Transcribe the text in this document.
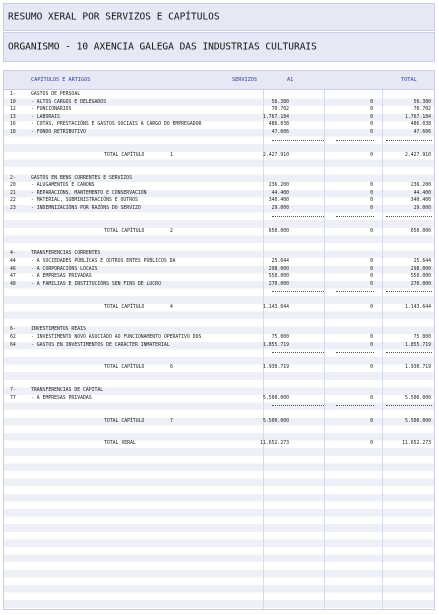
RESUMO XERAL POR SERVIZOS E CAPÍTULOS
ORGANISMO - 10 AXENCIA GALEGA DAS INDUSTRIAS CULTURAIS
CAPÍTULOS E ARTIGOS	SERVIZOS	A1	TOTAL
1-	GASTOS DE PERSOAL
10	- ALTOS CARGOS E DELEGADOS	56.380	0	56.380
12	- FUNCIONARIOS	70.702	0	70.702
13	- LABORAIS	1.767.184	0	1.767.184
16	- COTAS, PRESTACIÓNS E GASTOS SOCIAIS A CARGO DO EMPREGADOR	486.038	0	486.038
18	- FONDO RETRIBUTIVO	47.606	0	47.606
TOTAL CAPÍTULO	1	2.427.910	0	2.427.910
2-	GASTOS EN BENS CORRENTES E SERVIZOS
20	- ALUGAMENTOS E CANONS	236.200	0	236.200
21	- REPARACIÓNS, MANTEMENTO E CONSERVACIÓN	44.400	0	44.400
22	- MATERIAL, SUBMINISTRACIÓNS E OUTROS	340.400	0	340.400
23	- INDEMNIZACIÓNS POR RAZÓNS DO SERVIZO	29.000	0	29.000
TOTAL CAPÍTULO	2	650.000	0	650.000
4-	TRANSFERENCIAS CORRENTES
44	- A SOCIEDADES PÚBLICAS E OUTROS ENTES PÚBLICOS DA	25.644	0	25.644
46	- A CORPORACIÓNS LOCAIS	298.000	0	298.000
47	- A EMPRESAS PRIVADAS	550.000	0	550.000
48	- A FAMILIAS E INSTITUCIÓNS SEN FINS DE LUCRO	270.000	0	270.000
TOTAL CAPÍTULO	4	1.143.644	0	1.143.644
6-	INVESTIMENTOS REAIS
62	- INVESTIMENTO NOVO ASOCIADO AO FUNCIONAMENTO OPERATIVO DOS	75.000	0	75.000
64	- GASTOS EN INVESTIMENTOS DE CARÁCTER INMATERIAL	1.855.719	0	1.855.719
TOTAL CAPÍTULO	6	1.930.719	0	1.930.719
7-	TRANSFERENCIAS DE CAPITAL
77	- A EMPRESAS PRIVADAS	5.500.000	0	5.500.000
TOTAL CAPÍTULO	7	5.500.000	0	5.500.000
TOTAL XERAL	11.652.273	0	11.652.273
